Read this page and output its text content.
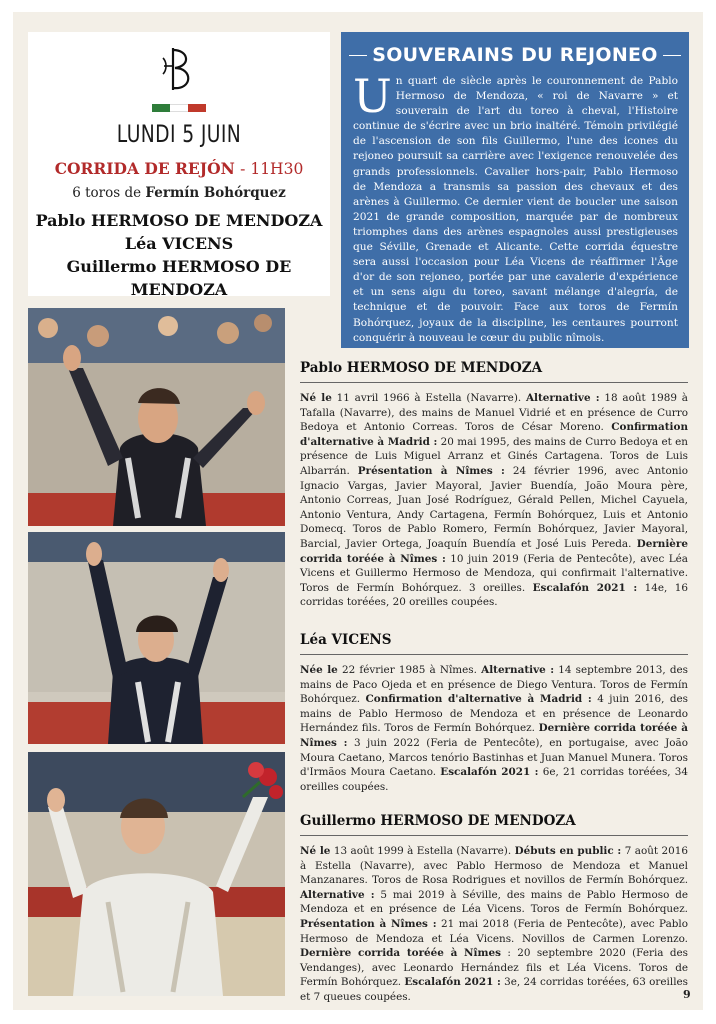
LUNDI 5 JUIN
CORRIDA DE REJÓN - 11H30
6 toros de Fermín Bohórquez
Pablo HERMOSO DE MENDOZA
Léa VICENS
Guillermo HERMOSO DE MENDOZA
SOUVERAINS DU REJONEO
Un quart de siècle après le couronnement de Pablo Hermoso de Mendoza, « roi de Navarre » et souverain de l'art du toreo à cheval, l'Histoire continue de s'écrire avec un brio inaltéré. Témoin privilégié de l'ascension de son fils Guillermo, l'une des icones du rejoneo poursuit sa carrière avec l'exigence renouvelée des grands professionnels. Cavalier hors-pair, Pablo Hermoso de Mendoza a transmis sa passion des chevaux et des arènes à Guillermo. Ce dernier vient de boucler une saison 2021 de grande composition, marquée par de nombreux triomphes dans des arènes espagnoles aussi prestigieuses que Séville, Grenade et Alicante. Cette corrida équestre sera aussi l'occasion pour Léa Vicens de réaffirmer l'Âge d'or de son rejoneo, portée par une cavalerie d'expérience et un sens aigu du toreo, savant mélange d'alegría, de technique et de pouvoir. Face aux toros de Fermín Bohórquez, joyaux de la discipline, les centaures pourront conquérir à nouveau le cœur du public nîmois.
Pablo HERMOSO DE MENDOZA

Né le 11 avril 1966 à Estella (Navarre). Alternative : 18 août 1989 à Tafalla (Navarre), des mains de Manuel Vidrié et en présence de Curro Bedoya et Antonio Correas. Toros de César Moreno. Confirmation d'alternative à Madrid : 20 mai 1995, des mains de Curro Bedoya et en présence de Luis Miguel Arranz et Ginés Cartagena. Toros de Luis Albarrán. Présentation à Nîmes : 24 février 1996, avec Antonio Ignacio Vargas, Javier Mayoral, Javier Buendía, João Moura père, Antonio Correas, Juan José Rodríguez, Gérald Pellen, Michel Cayuela, Antonio Ventura, Andy Cartagena, Fermín Bohórquez, Luis et Antonio Domecq. Toros de Pablo Romero, Fermín Bohórquez, Javier Mayoral, Barcial, Javier Ortega, Joaquín Buendía et José Luis Pereda. Dernière corrida toréée à Nîmes : 10 juin 2019 (Feria de Pentecôte), avec Léa Vicens et Guillermo Hermoso de Mendoza, qui confirmait l'alternative. Toros de Fermín Bohórquez. 3 oreilles. Escalafón 2021 : 14e, 16 corridas toréées, 20 oreilles coupées.

Léa VICENS

Née le 22 février 1985 à Nîmes. Alternative : 14 septembre 2013, des mains de Paco Ojeda et en présence de Diego Ventura. Toros de Fermín Bohórquez. Confirmation d'alternative à Madrid : 4 juin 2016, des mains de Pablo Hermoso de Mendoza et en présence de Leonardo Hernández fils. Toros de Fermín Bohórquez. Dernière corrida toréée à Nîmes : 3 juin 2022 (Feria de Pentecôte), en portugaise, avec João Moura Caetano, Marcos tenório Bastinhas et Juan Manuel Munera. Toros d'Irmãos Moura Caetano. Escalafón 2021 : 6e, 21 corridas toréées, 34 oreilles coupées.

Guillermo HERMOSO DE MENDOZA

Né le 13 août 1999 à Estella (Navarre). Débuts en public : 7 août 2016 à Estella (Navarre), avec Pablo Hermoso de Mendoza et Manuel Manzanares. Toros de Rosa Rodrigues et novillos de Fermín Bohórquez. Alternative : 5 mai 2019 à Séville, des mains de Pablo Hermoso de Mendoza et en présence de Léa Vicens. Toros de Fermín Bohórquez. Présentation à Nîmes : 21 mai 2018 (Feria de Pentecôte), avec Pablo Hermoso de Mendoza et Léa Vicens. Novillos de Carmen Lorenzo. Dernière corrida toréée à Nîmes : 20 septembre 2020 (Feria des Vendanges), avec Leonardo Hernández fils et Léa Vicens. Toros de Fermín Bohórquez. Escalafón 2021 : 3e, 24 corridas toréées, 63 oreilles et 7 queues coupées.	9
